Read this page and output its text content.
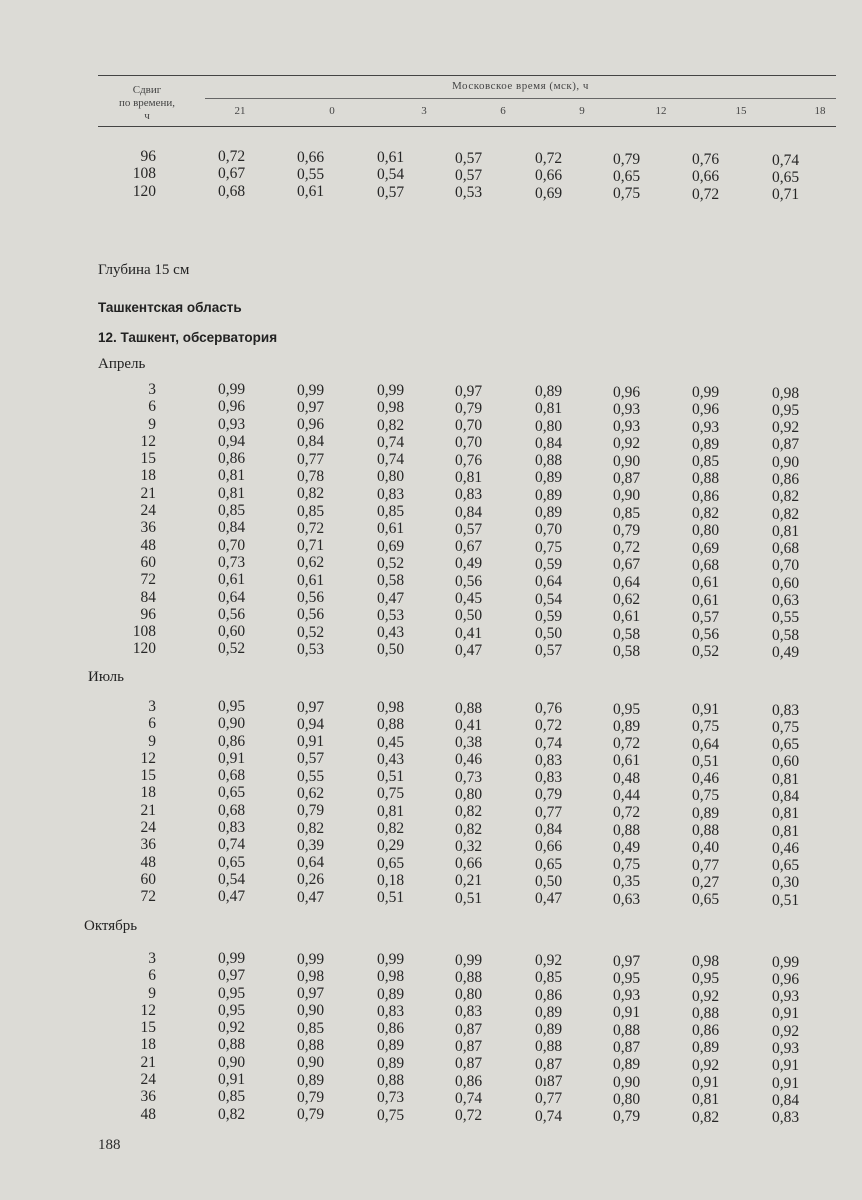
Сдвиг
по времени,
ч
Московское время (мск), ч
21	0	3	6	9	12	15	18
96	0,72	0,66	0,61	0,57	0,72	0,79	0,76	0,74
108	0,67	0,55	0,54	0,57	0,66	0,65	0,66	0,65
120	0,68	0,61	0,57	0,53	0,69	0,75	0,72	0,71
Глубина 15 см
Ташкентская область
12. Ташкент, обсерватория
Апрель
3	0,99	0,99	0,99	0,97	0,89	0,96	0,99	0,98
6	0,96	0,97	0,98	0,79	0,81	0,93	0,96	0,95
9	0,93	0,96	0,82	0,70	0,80	0,93	0,93	0,92
12	0,94	0,84	0,74	0,70	0,84	0,92	0,89	0,87
15	0,86	0,77	0,74	0,76	0,88	0,90	0,85	0,90
18	0,81	0,78	0,80	0,81	0,89	0,87	0,88	0,86
21	0,81	0,82	0,83	0,83	0,89	0,90	0,86	0,82
24	0,85	0,85	0,85	0,84	0,89	0,85	0,82	0,82
36	0,84	0,72	0,61	0,57	0,70	0,79	0,80	0,81
48	0,70	0,71	0,69	0,67	0,75	0,72	0,69	0,68
60	0,73	0,62	0,52	0,49	0,59	0,67	0,68	0,70
72	0,61	0,61	0,58	0,56	0,64	0,64	0,61	0,60
84	0,64	0,56	0,47	0,45	0,54	0,62	0,61	0,63
96	0,56	0,56	0,53	0,50	0,59	0,61	0,57	0,55
108	0,60	0,52	0,43	0,41	0,50	0,58	0,56	0,58
120	0,52	0,53	0,50	0,47	0,57	0,58	0,52	0,49
Июль
3	0,95	0,97	0,98	0,88	0,76	0,95	0,91	0,83
6	0,90	0,94	0,88	0,41	0,72	0,89	0,75	0,75
9	0,86	0,91	0,45	0,38	0,74	0,72	0,64	0,65
12	0,91	0,57	0,43	0,46	0,83	0,61	0,51	0,60
15	0,68	0,55	0,51	0,73	0,83	0,48	0,46	0,81
18	0,65	0,62	0,75	0,80	0,79	0,44	0,75	0,84
21	0,68	0,79	0,81	0,82	0,77	0,72	0,89	0,81
24	0,83	0,82	0,82	0,82	0,84	0,88	0,88	0,81
36	0,74	0,39	0,29	0,32	0,66	0,49	0,40	0,46
48	0,65	0,64	0,65	0,66	0,65	0,75	0,77	0,65
60	0,54	0,26	0,18	0,21	0,50	0,35	0,27	0,30
72	0,47	0,47	0,51	0,51	0,47	0,63	0,65	0,51
Октябрь
3	0,99	0,99	0,99	0,99	0,92	0,97	0,98	0,99
6	0,97	0,98	0,98	0,88	0,85	0,95	0,95	0,96
9	0,95	0,97	0,89	0,80	0,86	0,93	0,92	0,93
12	0,95	0,90	0,83	0,83	0,89	0,91	0,88	0,91
15	0,92	0,85	0,86	0,87	0,89	0,88	0,86	0,92
18	0,88	0,88	0,89	0,87	0,88	0,87	0,89	0,93
21	0,90	0,90	0,89	0,87	0,87	0,89	0,92	0,91
24	0,91	0,89	0,88	0,86	0ı87	0,90	0,91	0,91
36	0,85	0,79	0,73	0,74	0,77	0,80	0,81	0,84
48	0,82	0,79	0,75	0,72	0,74	0,79	0,82	0,83
188
